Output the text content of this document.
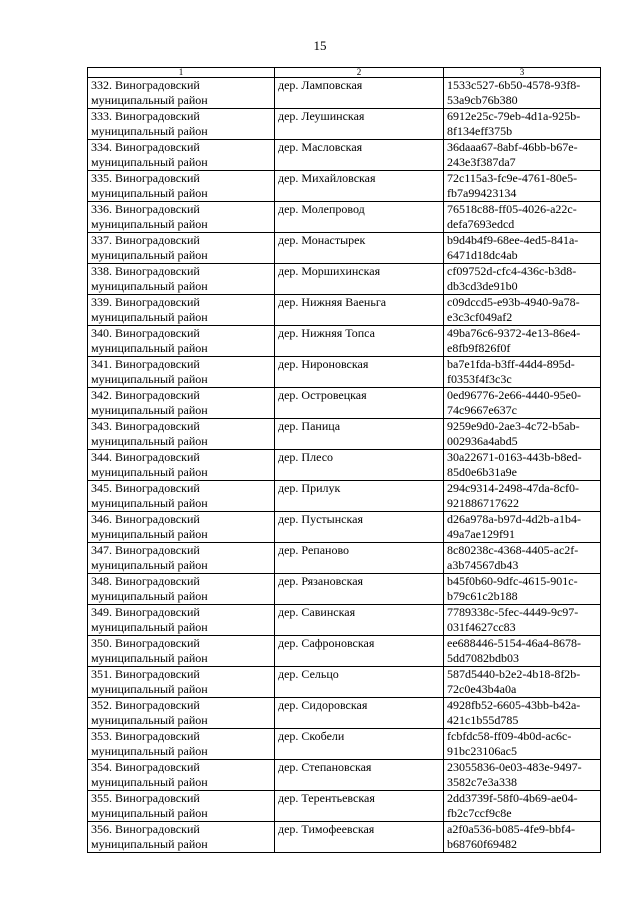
15
1	2	3
332. Виноградовский муниципальный район	дер. Ламповская	1533c527-6b50-4578-93f8-53a9cb76b380
333. Виноградовский муниципальный район	дер. Леушинская	6912e25c-79eb-4d1a-925b-8f134eff375b
334. Виноградовский муниципальный район	дер. Масловская	36daaa67-8abf-46bb-b67e-243e3f387da7
335. Виноградовский муниципальный район	дер. Михайловская	72c115a3-fc9e-4761-80e5-fb7a99423134
336. Виноградовский муниципальный район	дер. Молепровод	76518c88-ff05-4026-a22c-defa7693edcd
337. Виноградовский муниципальный район	дер. Монастырек	b9d4b4f9-68ee-4ed5-841a-6471d18dc4ab
338. Виноградовский муниципальный район	дер. Моршихинская	cf09752d-cfc4-436c-b3d8-db3cd3de91b0
339. Виноградовский муниципальный район	дер. Нижняя Ваеньга	c09dccd5-e93b-4940-9a78-e3c3cf049af2
340. Виноградовский муниципальный район	дер. Нижняя Топса	49ba76c6-9372-4e13-86e4-e8fb9f826f0f
341. Виноградовский муниципальный район	дер. Нироновская	ba7e1fda-b3ff-44d4-895d-f0353f4f3c3c
342. Виноградовский муниципальный район	дер. Островецкая	0ed96776-2e66-4440-95e0-74c9667e637c
343. Виноградовский муниципальный район	дер. Паница	9259e9d0-2ae3-4c72-b5ab-002936a4abd5
344. Виноградовский муниципальный район	дер. Плесо	30a22671-0163-443b-b8ed-85d0e6b31a9e
345. Виноградовский муниципальный район	дер. Прилук	294c9314-2498-47da-8cf0-921886717622
346. Виноградовский муниципальный район	дер. Пустынская	d26a978a-b97d-4d2b-a1b4-49a7ae129f91
347. Виноградовский муниципальный район	дер. Репаново	8c80238c-4368-4405-ac2f-a3b74567db43
348. Виноградовский муниципальный район	дер. Рязановская	b45f0b60-9dfc-4615-901c-b79c61c2b188
349. Виноградовский муниципальный район	дер. Савинская	7789338c-5fec-4449-9c97-031f4627cc83
350. Виноградовский муниципальный район	дер. Сафроновская	ee688446-5154-46a4-8678-5dd7082bdb03
351. Виноградовский муниципальный район	дер. Сельцо	587d5440-b2e2-4b18-8f2b-72c0e43b4a0a
352. Виноградовский муниципальный район	дер. Сидоровская	4928fb52-6605-43bb-b42a-421c1b55d785
353. Виноградовский муниципальный район	дер. Скобели	fcbfdc58-ff09-4b0d-ac6c-91bc23106ac5
354. Виноградовский муниципальный район	дер. Степановская	23055836-0e03-483e-9497-3582c7e3a338
355. Виноградовский муниципальный район	дер. Терентьевская	2dd3739f-58f0-4b69-ae04-fb2c7ccf9c8e
356. Виноградовский муниципальный район	дер. Тимофеевская	a2f0a536-b085-4fe9-bbf4-b68760f69482
